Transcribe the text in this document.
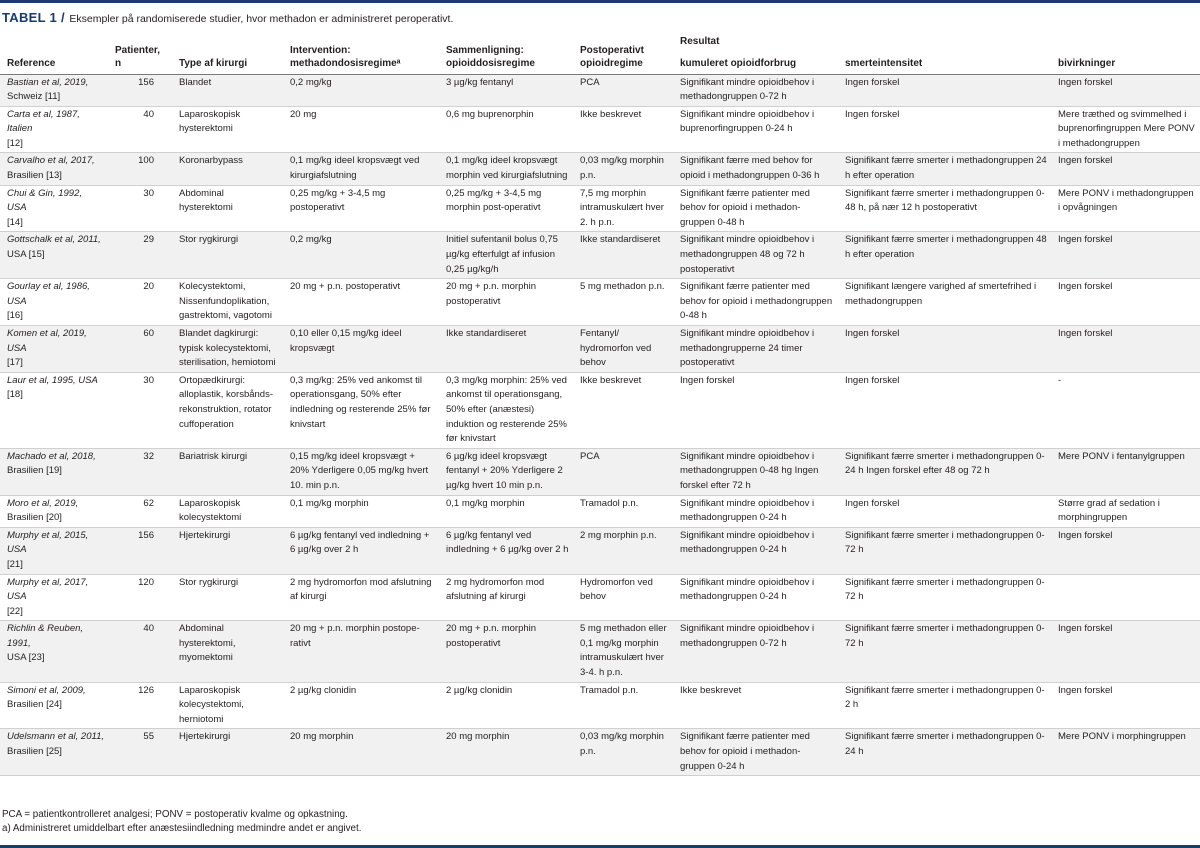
TABEL 1 / Eksempler på randomiserede studier, hvor methadon er administreret peroperativt.
Reference	Patienter, n	Type af kirurgi	Intervention: methadondosisregimeᵃ	Sammenligning: opioiddosisregime	Postoperativt opioidregime	Resultat		
						kumuleret opioidforbrug	smerteintensitet	bivirkninger
Bastian et al, 2019,
Schweiz [11]	156	Blandet	0,2 mg/kg	3 µg/kg fentanyl	PCA	Signifikant mindre opioidbehov i methadongruppen 0-72 h	Ingen forskel	Ingen forskel
Carta et al, 1987, Italien
[12]	40	Laparoskopisk hysterektomi	20 mg	0,6 mg buprenorphin	Ikke beskrevet	Signifikant mindre opioidbehov i buprenorfingruppen 0-24 h	Ingen forskel	Mere træthed og svimmelhed i buprenorfingruppen Mere PONV i methadongruppen
Carvalho et al, 2017,
Brasilien [13]	100	Koronarbypass	0,1 mg/kg ideel kropsvægt ved kirurgiafslutning	0,1 mg/kg ideel kropsvægt morphin ved kirurgiafslutning	0,03 mg/kg morphin p.n.	Signifikant færre med behov for opioid i methadongruppen 0-36 h	Signifikant færre smerter i methadongruppen 24 h efter operation	Ingen forskel
Chui & Gin, 1992, USA
[14]	30	Abdominal hysterektomi	0,25 mg/kg + 3-4,5 mg postoperativt	0,25 mg/kg + 3-4,5 mg morphin post-operativt	7,5 mg morphin intramuskulært hver 2. h p.n.	Signifikant færre patienter med behov for opioid i methadon-gruppen 0-48 h	Signifikant færre smerter i methadongruppen 0-48 h, på nær 12 h postoperativt	Mere PONV i methadongruppen i opvågningen
Gottschalk et al, 2011,
USA [15]	29	Stor rygkirurgi	0,2 mg/kg	Initiel sufentanil bolus 0,75 µg/kg efterfulgt af infusion 0,25 µg/kg/h	Ikke standardiseret	Signifikant mindre opioidbehov i methadongruppen 48 og 72 h postoperativt	Signifikant færre smerter i methadongruppen 48 h efter operation	Ingen forskel
Gourlay et al, 1986, USA
[16]	20	Kolecystektomi, Nissenfundoplikation, gastrektomi, vagotomi	20 mg + p.n. postoperativt	20 mg + p.n. morphin postoperativt	5 mg methadon p.n.	Signifikant færre patienter med behov for opioid i methadongruppen 0-48 h	Signifikant længere varighed af smertefrihed i methadongruppen	Ingen forskel
Komen et al, 2019, USA
[17]	60	Blandet dagkirurgi: typisk kolecystektomi, sterilisation, hemiotomi	0,10 eller 0,15 mg/kg ideel kropsvægt	Ikke standardiseret	Fentanyl/ hydromorfon ved behov	Signifikant mindre opioidbehov i methadongrupperne 24 timer postoperativt	Ingen forskel	Ingen forskel
Laur et al, 1995, USA
[18]	30	Ortopædkirurgi: alloplastik, korsbånds-rekonstruktion, rotator cuffoperation	0,3 mg/kg: 25% ved ankomst til operationsgang, 50% efter indledning og resterende 25% før knivstart	0,3 mg/kg morphin: 25% ved ankomst til operationsgang, 50% efter (anæstesi) induktion og resterende 25% før knivstart	Ikke beskrevet	Ingen forskel	Ingen forskel	-
Machado et al, 2018,
Brasilien [19]	32	Bariatrisk kirurgi	0,15 mg/kg ideel kropsvægt + 20% Yderligere 0,05 mg/kg hvert 10. min p.n.	6 µg/kg ideel kropsvægt fentanyl + 20% Yderligere 2 µg/kg hvert 10 min p.n.	PCA	Signifikant mindre opioidbehov i methadongruppen 0-48 hg Ingen forskel efter 72 h	Signifikant færre smerter i methadongruppen 0-24 h Ingen forskel efter 48 og 72 h	Mere PONV i fentanylgruppen
Moro et al, 2019,
Brasilien [20]	62	Laparoskopisk kolecystektomi	0,1 mg/kg morphin	0,1 mg/kg morphin	Tramadol p.n.	Signifikant mindre opioidbehov i methadongruppen 0-24 h	Ingen forskel	Større grad af sedation i morphingruppen
Murphy et al, 2015, USA
[21]	156	Hjertekirurgi	6 µg/kg fentanyl ved indledning + 6 µg/kg over 2 h	6 µg/kg fentanyl ved indledning + 6 µg/kg over 2 h	2 mg morphin p.n.	Signifikant mindre opioidbehov i methadongruppen 0-24 h	Signifikant færre smerter i methadongruppen 0-72 h	Ingen forskel
Murphy et al, 2017, USA
[22]	120	Stor rygkirurgi	2 mg hydromorfon mod afslutning af kirurgi	2 mg hydromorfon mod afslutning af kirurgi	Hydromorfon ved behov	Signifikant mindre opioidbehov i methadongruppen 0-24 h	Signifikant færre smerter i methadongruppen 0-72 h	
Richlin & Reuben, 1991,
USA [23]	40	Abdominal hysterektomi, myomektomi	20 mg + p.n. morphin postope-rativt	20 mg + p.n. morphin postoperativt	5 mg methadon eller 0,1 mg/kg morphin intramuskulært hver 3-4. h p.n.	Signifikant mindre opioidbehov i methadongruppen 0-72 h	Signifikant færre smerter i methadongruppen 0-72 h	Ingen forskel
Simoni et al, 2009,
Brasilien [24]	126	Laparoskopisk kolecystektomi, herniotomi	2 µg/kg clonidin	2 µg/kg clonidin	Tramadol p.n.	Ikke beskrevet	Signifikant færre smerter i methadongruppen 0-2 h	Ingen forskel
Udelsmann et al, 2011,
Brasilien [25]	55	Hjertekirurgi	20 mg morphin	20 mg morphin	0,03 mg/kg morphin p.n.	Signifikant færre patienter med behov for opioid i methadon-gruppen 0-24 h	Signifikant færre smerter i methadongruppen 0-24 h	Mere PONV i morphingruppen
PCA = patientkontrolleret analgesi; PONV = postoperativ kvalme og opkastning.
a) Administreret umiddelbart efter anæstesiindledning medmindre andet er angivet.
